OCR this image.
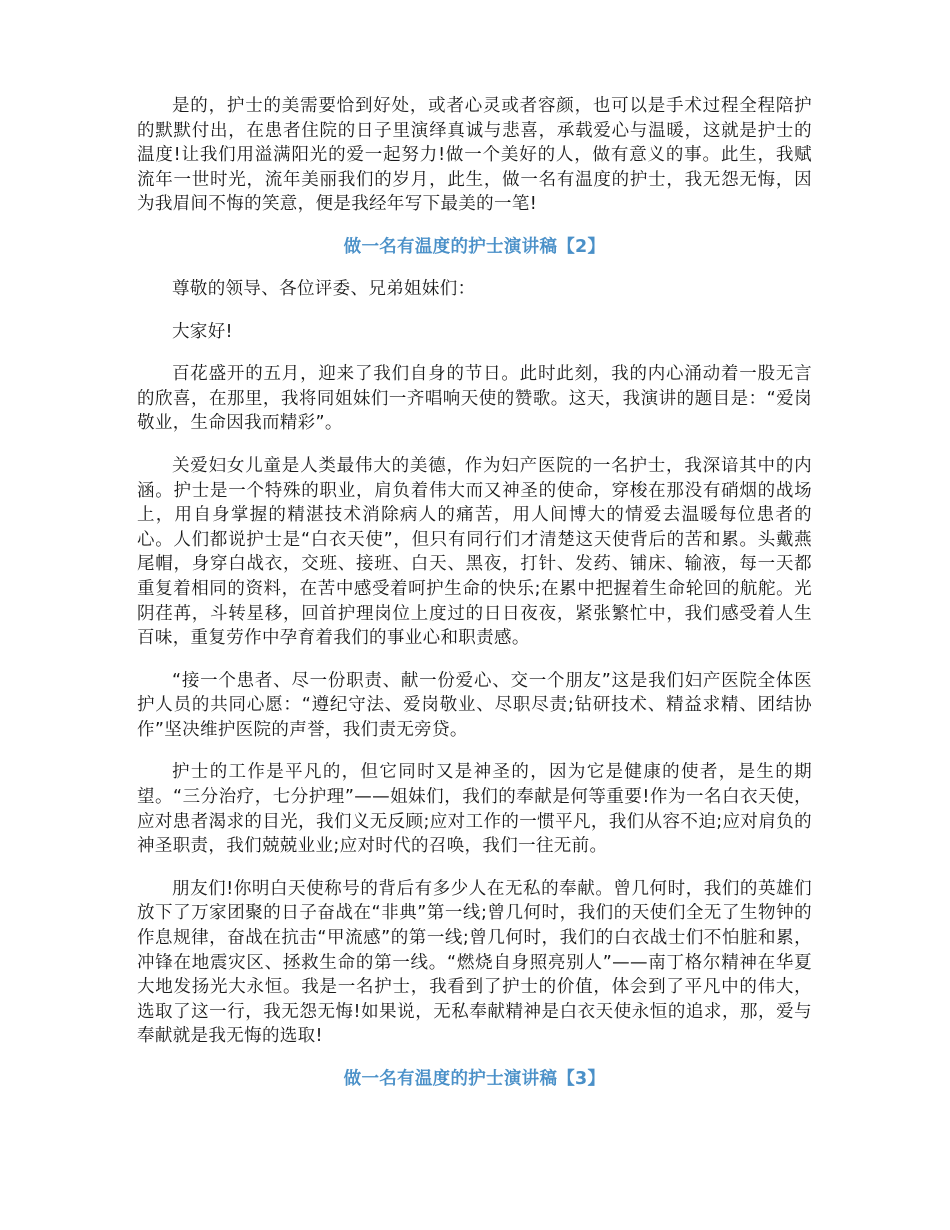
是的，护士的美需要恰到好处，或者心灵或者容颜，也可以是手术过程全程陪护的默默付出，在患者住院的日子里演绎真诚与悲喜，承载爱心与温暖，这就是护士的温度!让我们用溢满阳光的爱一起努力!做一个美好的人，做有意义的事。此生，我赋流年一世时光，流年美丽我们的岁月，此生，做一名有温度的护士，我无怨无悔，因为我眉间不悔的笑意，便是我经年写下最美的一笔!

做一名有温度的护士演讲稿【2】

尊敬的领导、各位评委、兄弟姐妹们：

大家好!

百花盛开的五月，迎来了我们自身的节日。此时此刻，我的内心涌动着一股无言的欣喜，在那里，我将同姐妹们一齐唱响天使的赞歌。这天，我演讲的题目是：“爱岗敬业，生命因我而精彩”。

关爱妇女儿童是人类最伟大的美德，作为妇产医院的一名护士，我深谙其中的内涵。护士是一个特殊的职业，肩负着伟大而又神圣的使命，穿梭在那没有硝烟的战场上，用自身掌握的精湛技术消除病人的痛苦，用人间博大的情爱去温暖每位患者的心。人们都说护士是“白衣天使”，但只有同行们才清楚这天使背后的苦和累。头戴燕尾帽，身穿白战衣，交班、接班、白天、黑夜，打针、发药、铺床、输液，每一天都重复着相同的资料，在苦中感受着呵护生命的快乐;在累中把握着生命轮回的航舵。光阴荏苒，斗转星移，回首护理岗位上度过的日日夜夜，紧张繁忙中，我们感受着人生百味，重复劳作中孕育着我们的事业心和职责感。

“接一个患者、尽一份职责、献一份爱心、交一个朋友”这是我们妇产医院全体医护人员的共同心愿：“遵纪守法、爱岗敬业、尽职尽责;钻研技术、精益求精、团结协作”坚决维护医院的声誉，我们责无旁贷。

护士的工作是平凡的，但它同时又是神圣的，因为它是健康的使者，是生的期望。“三分治疗，七分护理”——姐妹们，我们的奉献是何等重要!作为一名白衣天使，应对患者渴求的目光，我们义无反顾;应对工作的一惯平凡，我们从容不迫;应对肩负的神圣职责，我们兢兢业业;应对时代的召唤，我们一往无前。

朋友们!你明白天使称号的背后有多少人在无私的奉献。曾几何时，我们的英雄们放下了万家团聚的日子奋战在“非典”第一线;曾几何时，我们的天使们全无了生物钟的作息规律，奋战在抗击“甲流感”的第一线;曾几何时，我们的白衣战士们不怕脏和累，冲锋在地震灾区、拯救生命的第一线。“燃烧自身照亮别人”——南丁格尔精神在华夏大地发扬光大永恒。我是一名护士，我看到了护士的价值，体会到了平凡中的伟大，选取了这一行，我无怨无悔!如果说，无私奉献精神是白衣天使永恒的追求，那，爱与奉献就是我无悔的选取!

做一名有温度的护士演讲稿【3】
